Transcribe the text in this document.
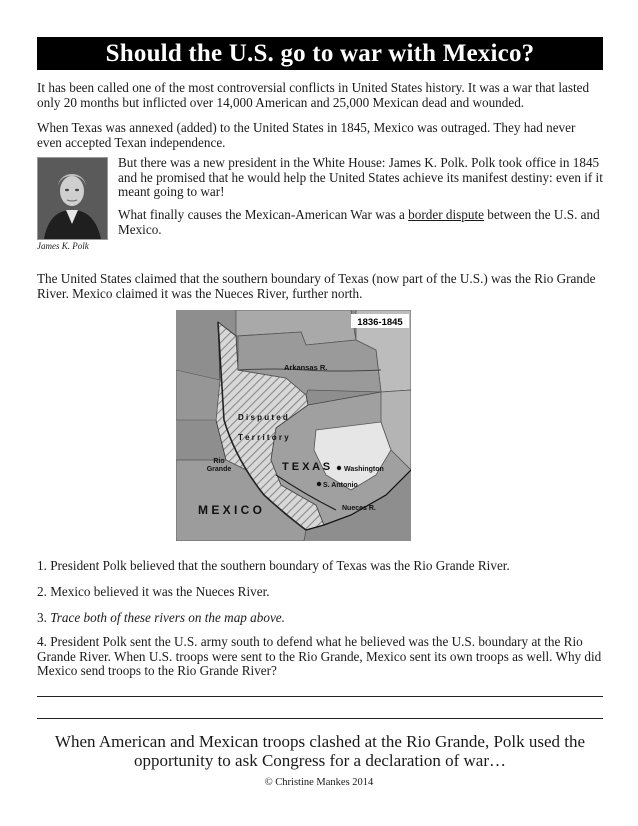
Should the U.S. go to war with Mexico?

It has been called one of the most controversial conflicts in United States history. It was a war that lasted only 20 months but inflicted over 14,000 American and 25,000 Mexican dead and wounded.

When Texas was annexed (added) to the United States in 1845, Mexico was outraged. They had never even accepted Texan independence.

James K. Polk

But there was a new president in the White House: James K. Polk. Polk took office in 1845 and he promised that he would help the United States achieve its manifest destiny: even if it meant going to war!

What finally causes the Mexican-American War was a border dispute between the U.S. and Mexico.

The United States claimed that the southern boundary of Texas (now part of the U.S.) was the Rio Grande River. Mexico claimed it was the Nueces River, further north.

1836-1845
Arkansas R.
D i s p u t e d
T e r r i t o r y
Rio
Grande	T E X A S Washington
S. Antonio
Nueces R.
M E X I C O

1. President Polk believed that the southern boundary of Texas was the Rio Grande River.

2. Mexico believed it was the Nueces River.

3. Trace both of these rivers on the map above.

4. President Polk sent the U.S. army south to defend what he believed was the U.S. boundary at the Rio Grande River. When U.S. troops were sent to the Rio Grande, Mexico sent its own troops as well. Why did Mexico send troops to the Rio Grande River?

When American and Mexican troops clashed at the Rio Grande, Polk used the opportunity to ask Congress for a declaration of war…
© Christine Mankes 2014
